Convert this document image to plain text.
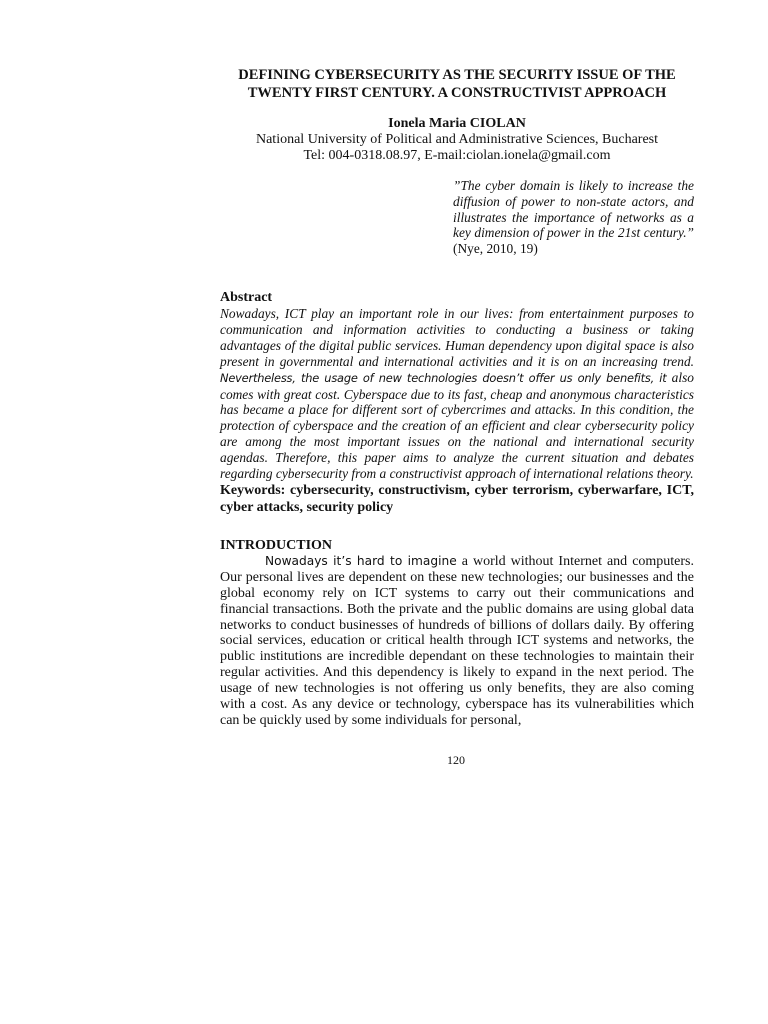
DEFINING CYBERSECURITY AS THE SECURITY ISSUE OF THE
TWENTY FIRST CENTURY. A CONSTRUCTIVIST APPROACH
Ionela Maria CIOLAN
National University of Political and Administrative Sciences, Bucharest
Tel: 004-0318.08.97, E-mail:ciolan.ionela@gmail.com
”The cyber domain is likely to increase the diffusion of power to non-state actors, and illustrates the importance of networks as a key dimension of power in the 21st century.” (Nye, 2010, 19)
Abstract
Nowadays, ICT play an important role in our lives: from entertainment purposes to communication and information activities to conducting a business or taking advantages of the digital public services. Human dependency upon digital space is also present in governmental and international activities and it is on an increasing trend. Nevertheless, the usage of new technologies doesn’t offer us only benefits, it also comes with great cost. Cyberspace due to its fast, cheap and anonymous characteristics has became a place for different sort of cybercrimes and attacks. In this condition, the protection of cyberspace and the creation of an efficient and clear cybersecurity policy are among the most important issues on the national and international security agendas. Therefore, this paper aims to analyze the current situation and debates regarding cybersecurity from a constructivist approach of international relations theory.
Keywords: cybersecurity, constructivism, cyber terrorism, cyberwarfare, ICT, cyber attacks, security policy
INTRODUCTION
Nowadays it’s hard to imagine a world without Internet and computers. Our personal lives are dependent on these new technologies; our businesses and the global economy rely on ICT systems to carry out their communications and financial transactions. Both the private and the public domains are using global data networks to conduct businesses of hundreds of billions of dollars daily. By offering social services, education or critical health through ICT systems and networks, the public institutions are incredible dependant on these technologies to maintain their regular activities. And this dependency is likely to expand in the next period. The usage of new technologies is not offering us only benefits, they are also coming with a cost. As any device or technology, cyberspace has its vulnerabilities which can be quickly used by some individuals for personal,
120
